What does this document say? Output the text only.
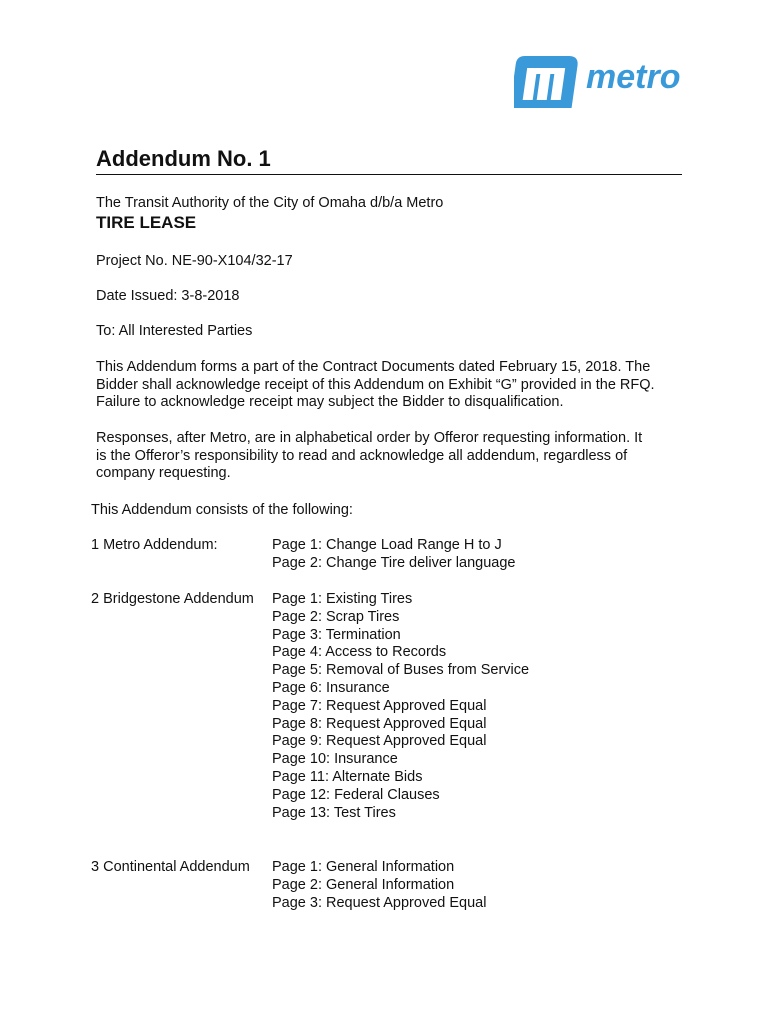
metro
Addendum No. 1

The Transit Authority of the City of Omaha d/b/a Metro

TIRE LEASE

Project No. NE-90-X104/32-17

Date Issued: 3-8-2018

To: All Interested Parties

This Addendum forms a part of the Contract Documents dated February 15, 2018. The
Bidder shall acknowledge receipt of this Addendum on Exhibit “G” provided in the RFQ.
Failure to acknowledge receipt may subject the Bidder to disqualification.
Responses, after Metro, are in alphabetical order by Offeror requesting information. It
is the Offeror’s responsibility to read and acknowledge all addendum, regardless of
company requesting.

This Addendum consists of the following:

1 Metro Addendum:	Page 1: Change Load Range H to J
Page 2: Change Tire deliver language
2 Bridgestone Addendum Page 1: Existing Tires
Page 2: Scrap Tires
Page 3: Termination
Page 4: Access to Records
Page 5: Removal of Buses from Service
Page 6: Insurance
Page 7: Request Approved Equal
Page 8: Request Approved Equal
Page 9: Request Approved Equal
Page 10: Insurance
Page 11: Alternate Bids
Page 12: Federal Clauses
Page 13: Test Tires
3 Continental Addendum Page 1: General Information
Page 2: General Information
Page 3: Request Approved Equal
